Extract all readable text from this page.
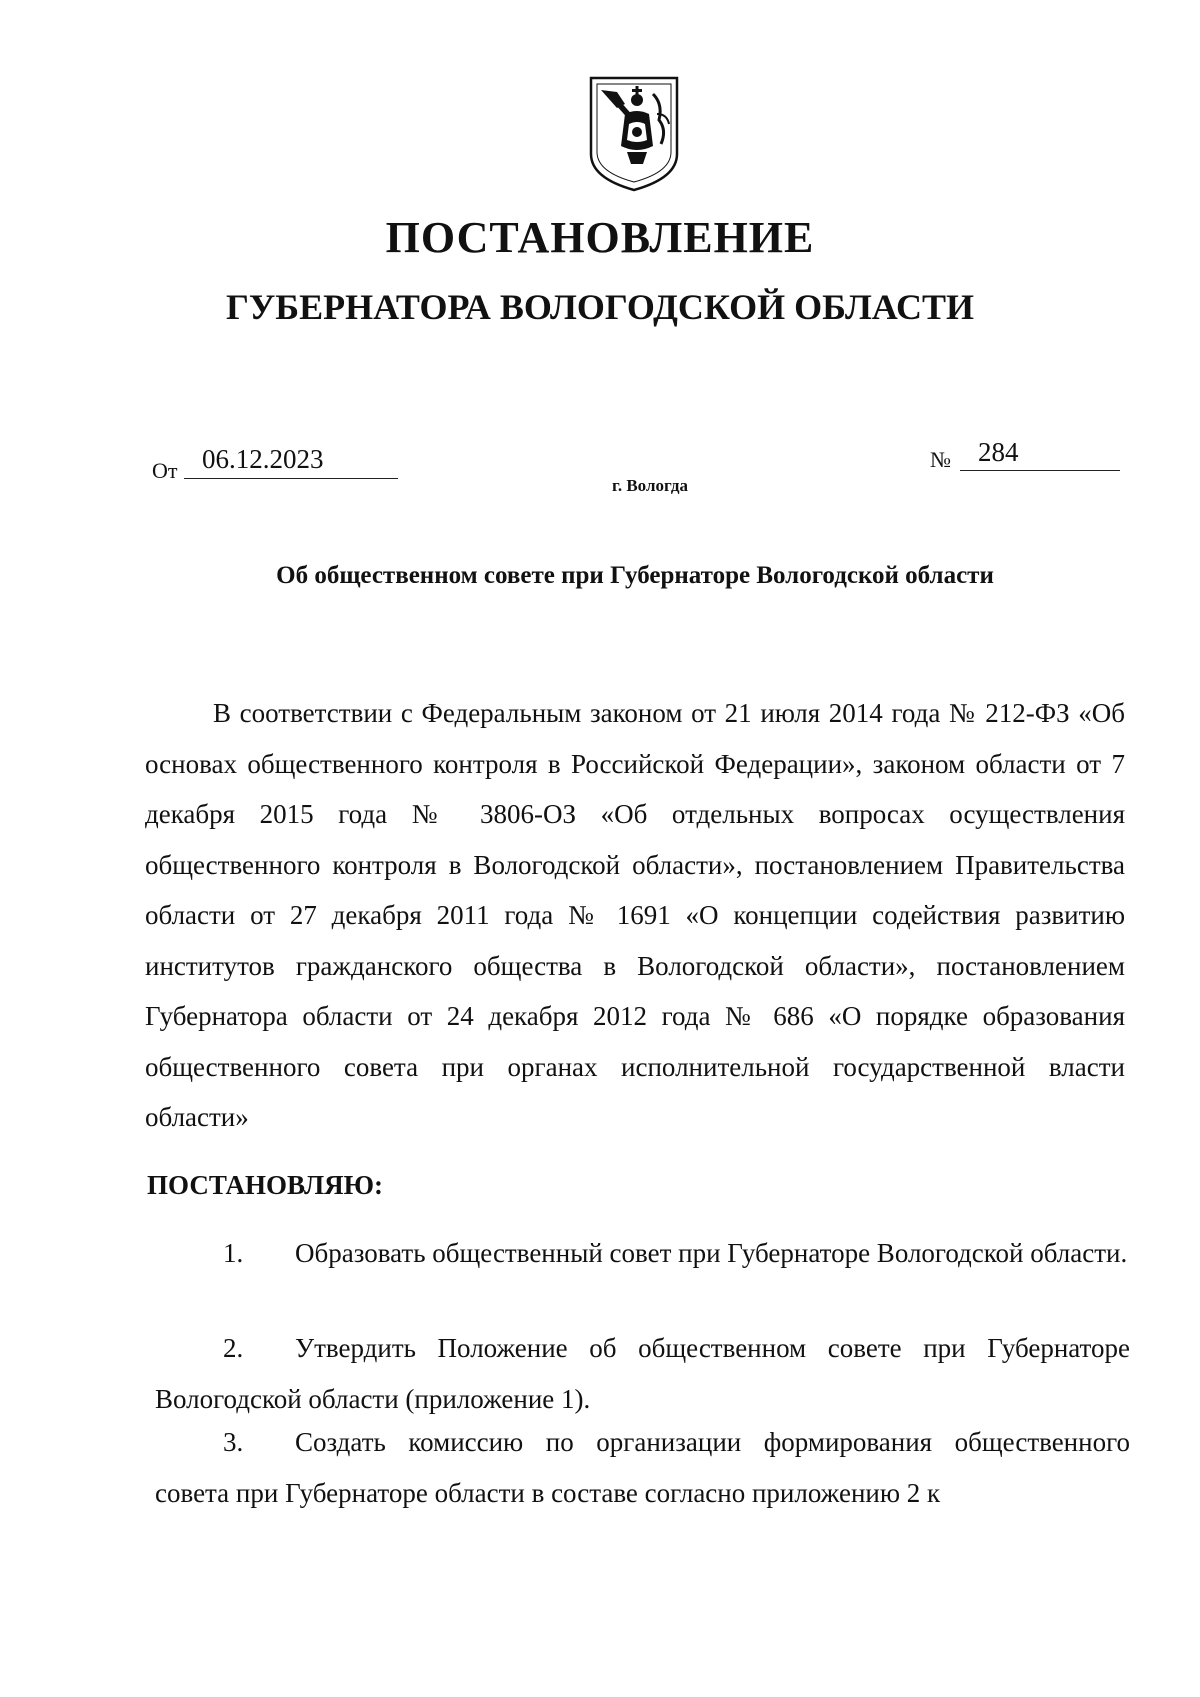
ПОСТАНОВЛЕНИЕ
ГУБЕРНАТОРА ВОЛОГОДСКОЙ ОБЛАСТИ
От 06.12.2023	№	284
г. Вологда
Об общественном совете при Губернаторе Вологодской области

В соответствии с Федеральным законом от 21 июля 2014 года № 212-ФЗ «Об основах общественного контроля в Российской Федерации», законом области от 7 декабря 2015 года № 3806-ОЗ «Об отдельных вопросах осуществления общественного контроля в Вологодской области», постановлением Правительства области от 27 декабря 2011 года № 1691 «О концепции содействия развитию институтов гражданского общества в Вологодской области», постановлением Губернатора области от 24 декабря 2012 года № 686 «О порядке образования общественного совета при органах исполнительной государственной власти области»

ПОСТАНОВЛЯЮ:

1. Образовать общественный совет при Губернаторе Вологодской области.

2. Утвердить Положение об общественном совете при Губернаторе Вологодской области (приложение 1).

3. Создать комиссию по организации формирования общественного совета при Губернаторе области в составе согласно приложению 2 к
